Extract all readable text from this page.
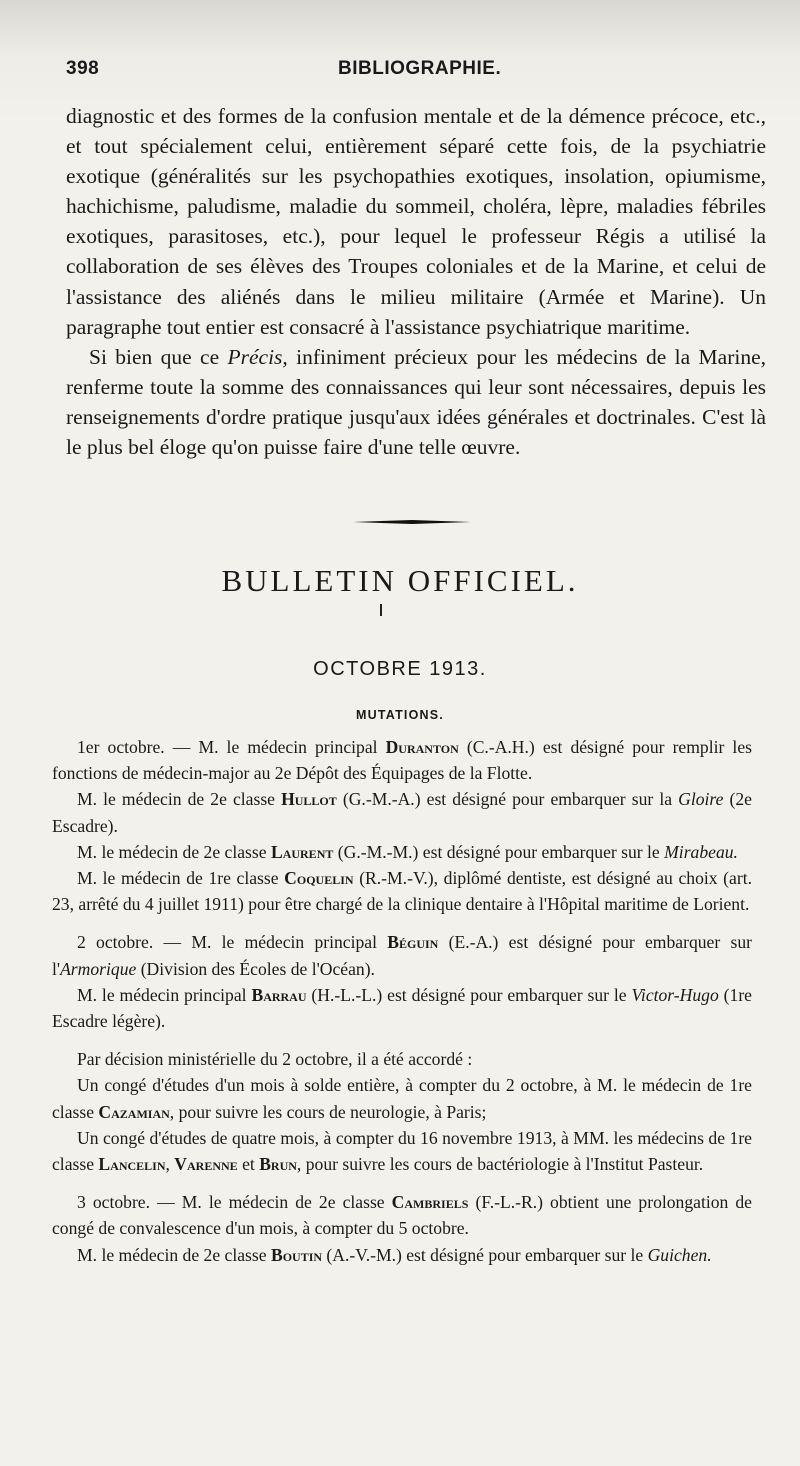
398	BIBLIOGRAPHIE.

diagnostic et des formes de la confusion mentale et de la démence précoce, etc., et tout spécialement celui, entièrement séparé cette fois, de la psychiatrie exotique (généralités sur les psychopathies exotiques, insolation, opiumisme, hachichisme, paludisme, maladie du sommeil, choléra, lèpre, maladies fébriles exotiques, parasitoses, etc.), pour lequel le professeur Régis a utilisé la collaboration de ses élèves des Troupes coloniales et de la Marine, et celui de l'assistance des aliénés dans le milieu militaire (Armée et Marine). Un paragraphe tout entier est consacré à l'assistance psychiatrique maritime.

Si bien que ce Précis, infiniment précieux pour les médecins de la Marine, renferme toute la somme des connaissances qui leur sont nécessaires, depuis les renseignements d'ordre pratique jusqu'aux idées générales et doctrinales. C'est là le plus bel éloge qu'on puisse faire d'une telle œuvre.

BULLETIN OFFICIEL.
OCTOBRE 1913.
MUTATIONS.

1er octobre. — M. le médecin principal Duranton (C.-A.H.) est désigné pour remplir les fonctions de médecin-major au 2e Dépôt des Équipages de la Flotte.

M. le médecin de 2e classe Hullot (G.-M.-A.) est désigné pour embarquer sur la Gloire (2e Escadre).

M. le médecin de 2e classe Laurent (G.-M.-M.) est désigné pour embarquer sur le Mirabeau.

M. le médecin de 1re classe Coquelin (R.-M.-V.), diplômé dentiste, est désigné au choix (art. 23, arrêté du 4 juillet 1911) pour être chargé de la clinique dentaire à l'Hôpital maritime de Lorient.

2 octobre. — M. le médecin principal Béguin (E.-A.) est désigné pour embarquer sur l'Armorique (Division des Écoles de l'Océan).

M. le médecin principal Barrau (H.-L.-L.) est désigné pour embarquer sur le Victor-Hugo (1re Escadre légère).

Par décision ministérielle du 2 octobre, il a été accordé :

Un congé d'études d'un mois à solde entière, à compter du 2 octobre, à M. le médecin de 1re classe Cazamian, pour suivre les cours de neurologie, à Paris;

Un congé d'études de quatre mois, à compter du 16 novembre 1913, à MM. les médecins de 1re classe Lancelin, Varenne et Brun, pour suivre les cours de bactériologie à l'Institut Pasteur.

3 octobre. — M. le médecin de 2e classe Cambriels (F.-L.-R.) obtient une prolongation de congé de convalescence d'un mois, à compter du 5 octobre.

M. le médecin de 2e classe Boutin (A.-V.-M.) est désigné pour embarquer sur le Guichen.
